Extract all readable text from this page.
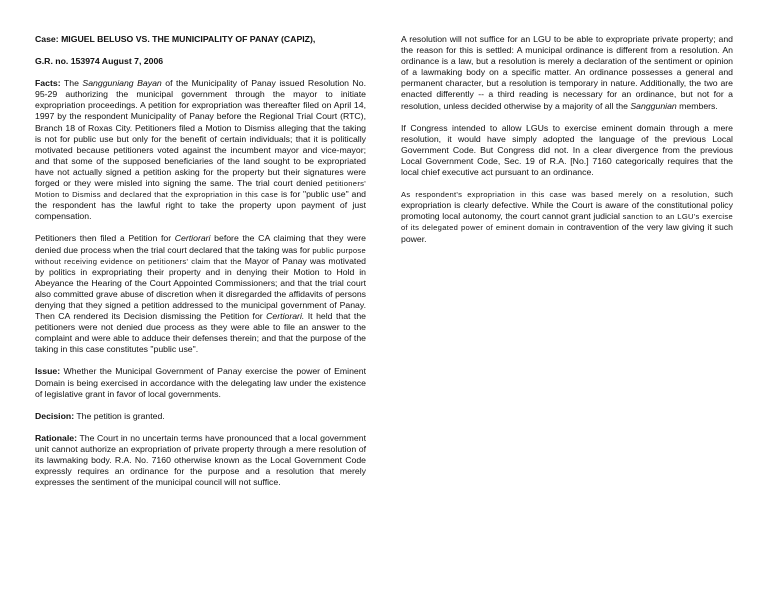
Case: MIGUEL BELUSO VS. THE MUNICIPALITY OF PANAY (CAPIZ),

G.R. no. 153974 August 7, 2006

Facts: The Sangguniang Bayan of the Municipality of Panay issued Resolution No. 95-29 authorizing the municipal government through the mayor to initiate expropriation proceedings. A petition for expropriation was thereafter filed on April 14, 1997 by the respondent Municipality of Panay before the Regional Trial Court (RTC), Branch 18 of Roxas City. Petitioners filed a Motion to Dismiss alleging that the taking is not for public use but only for the benefit of certain individuals; that it is politically motivated because petitioners voted against the incumbent mayor and vice-mayor; and that some of the supposed beneficiaries of the land sought to be expropriated have not actually signed a petition asking for the property but their signatures were forged or they were misled into signing the same. The trial court denied petitioners' Motion to Dismiss and declared that the expropriation in this case is for "public use" and the respondent has the lawful right to take the property upon payment of just compensation.

Petitioners then filed a Petition for Certiorari before the CA claiming that they were denied due process when the trial court declared that the taking was for public purpose without receiving evidence on petitioners' claim that the Mayor of Panay was motivated by politics in expropriating their property and in denying their Motion to Hold in Abeyance the Hearing of the Court Appointed Commissioners; and that the trial court also committed grave abuse of discretion when it disregarded the affidavits of persons denying that they signed a petition addressed to the municipal government of Panay. Then CA rendered its Decision dismissing the Petition for Certiorari. It held that the petitioners were not denied due process as they were able to file an answer to the complaint and were able to adduce their defenses therein; and that the purpose of the taking in this case constitutes "public use".

Issue: Whether the Municipal Government of Panay exercise the power of Eminent Domain is being exercised in accordance with the delegating law under the existence of legislative grant in favor of local governments.

Decision: The petition is granted.

Rationale: The Court in no uncertain terms have pronounced that a local government unit cannot authorize an expropriation of private property through a mere resolution of its lawmaking body. R.A. No. 7160 otherwise known as the Local Government Code expressly requires an ordinance for the purpose and a resolution that merely expresses the sentiment of the municipal council will not suffice.

A resolution will not suffice for an LGU to be able to expropriate private property; and the reason for this is settled: A municipal ordinance is different from a resolution. An ordinance is a law, but a resolution is merely a declaration of the sentiment or opinion of a lawmaking body on a specific matter. An ordinance possesses a general and permanent character, but a resolution is temporary in nature. Additionally, the two are enacted differently -- a third reading is necessary for an ordinance, but not for a resolution, unless decided otherwise by a majority of all the Sanggunian members.

If Congress intended to allow LGUs to exercise eminent domain through a mere resolution, it would have simply adopted the language of the previous Local Government Code. But Congress did not. In a clear divergence from the previous Local Government Code, Sec. 19 of R.A. [No.] 7160 categorically requires that the local chief executive act pursuant to an ordinance.

As respondent's expropriation in this case was based merely on a resolution, such expropriation is clearly defective. While the Court is aware of the constitutional policy promoting local autonomy, the court cannot grant judicial sanction to an LGU's exercise of its delegated power of eminent domain in contravention of the very law giving it such power.
